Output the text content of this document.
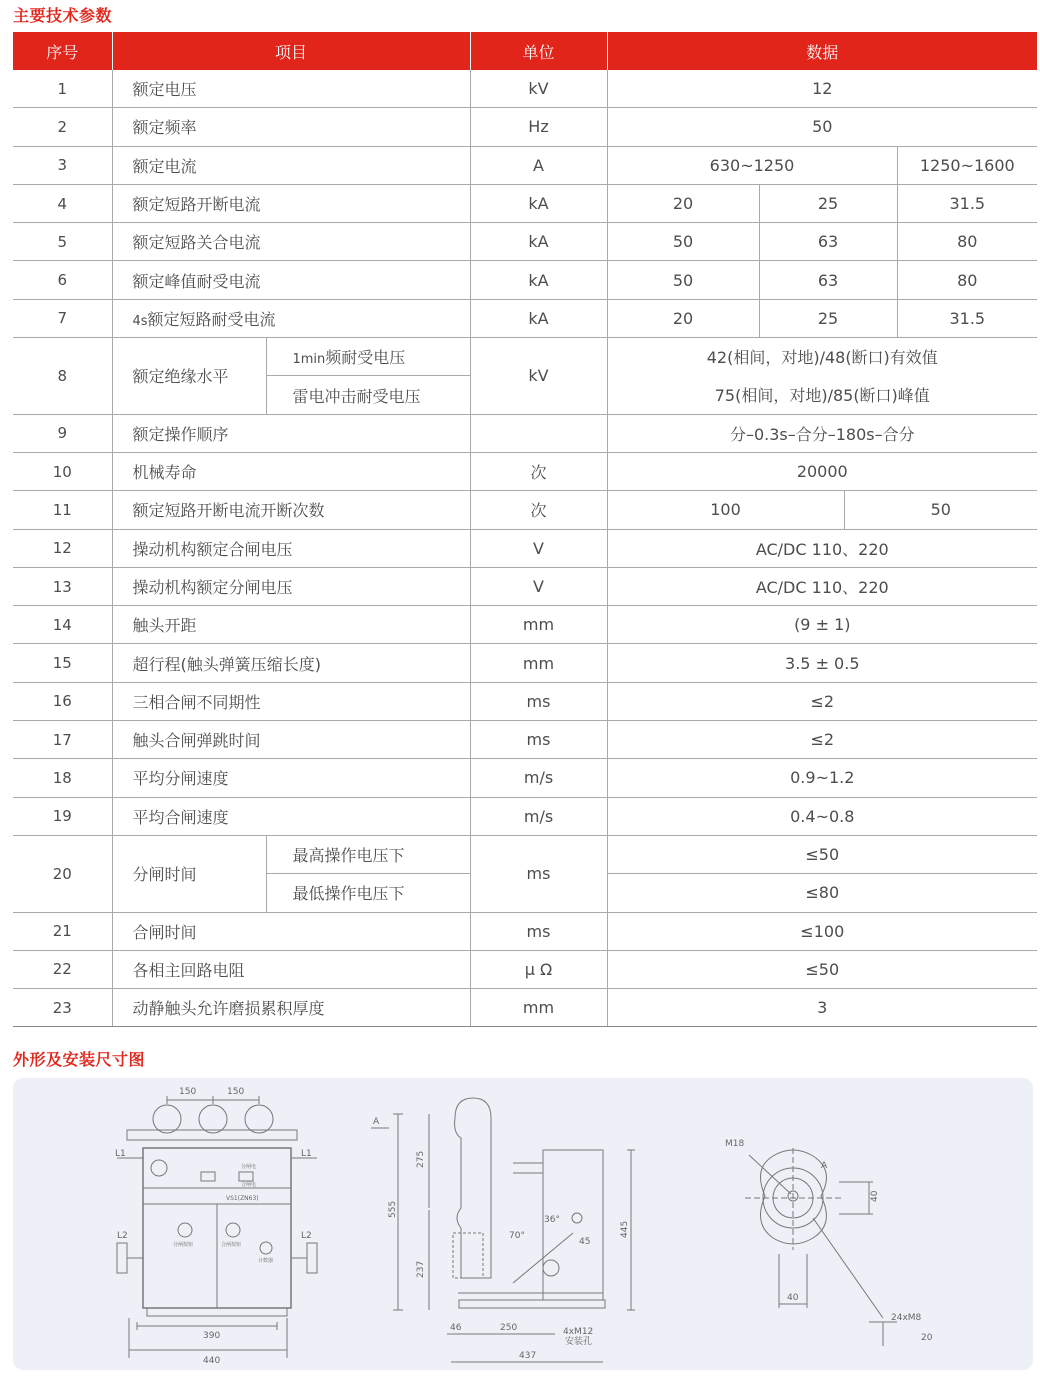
主要技术参数
序号	项目		单位	数据			
1	额定电压		kV	12			
2	额定频率		Hz	50			
3	额定电流		A	630~1250			1250~1600
4	额定短路开断电流		kA	20	25		31.5
5	额定短路关合电流		kA	50	63		80
6	额定峰值耐受电流		kA	50	63		80
7	4s额定短路耐受电流		kA	20	25		31.5
8	额定绝缘水平	1min频耐受电压	kV	42(相间，对地)/48(断口)有效值			
		雷电冲击耐受电压		75(相间，对地)/85(断口)峰值			
9	额定操作顺序			分–0.3s–合分–180s–合分			
10	机械寿命		次	20000			
11	额定短路开断电流开断次数		次	100		50	
12	操动机构额定合闸电压		V	AC/DC 110、220			
13	操动机构额定分闸电压		V	AC/DC 110、220			
14	触头开距		mm	(9 ± 1)			
15	超行程(触头弹簧压缩长度)		mm	3.5 ± 0.5			
16	三相合闸不同期性		ms	≤2			
17	触头合闸弹跳时间		ms	≤2			
18	平均分闸速度		m/s	0.9~1.2			
19	平均合闸速度		m/s	0.4~0.8			
20	分闸时间	最高操作电压下	ms	≤50			
		最低操作电压下		≤80			
21	合闸时间		ms	≤100			
22	各相主回路电阻		μ Ω	≤50			
23	动静触头允许磨损累积厚度		mm	3			
外形及安装尺寸图
150	150
L1	L1
L2	L2
390
440
VS1(ZN63)
分闸电
合闸电
分闸按钮	合闸按钮
计数器
A
275
555
237
445
46	250
437
4xM12
安装孔
36°
70°
45
M18
A
40
40
24xM8
20
